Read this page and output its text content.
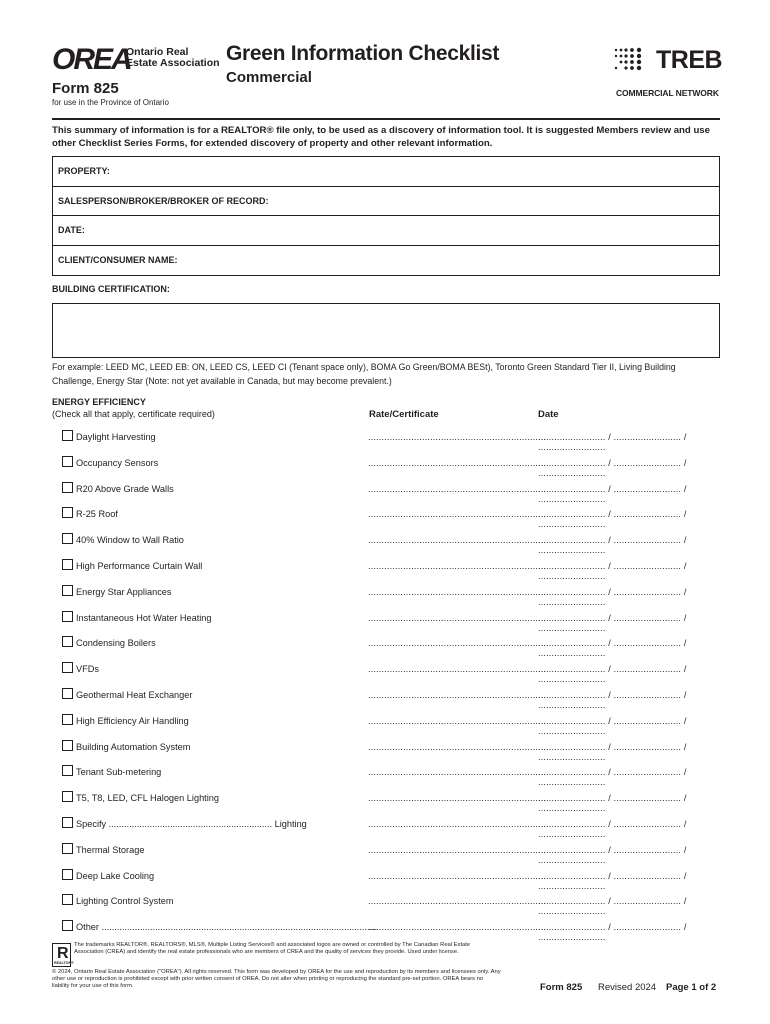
OREA
Ontario Real Estate Association
Form 825
for use in the Province of Ontario
Green Information Checklist
Commercial
TREB
COMMERCIAL NETWORK
This summary of information is for a REALTOR® file only, to be used as a discovery of information tool. It is suggested Members review and use other Checklist Series Forms, for extended discovery of property and other relevant information.
PROPERTY:
SALESPERSON/BROKER/BROKER OF RECORD:
DATE:
CLIENT/CONSUMER NAME:
BUILDING CERTIFICATION:
For example: LEED MC, LEED EB: ON, LEED CS, LEED CI (Tenant space only), BOMA Go Green/BOMA BESt), Toronto Green Standard Tier II, Living Building Challenge, Energy Star (Note: not yet available in Canada, but may become prevalent.)
ENERGY EFFICIENCY
(Check all that apply, certificate required)	Rate/Certificate	Date
Daylight Harvesting	..................................................................
......................... / ......................... / .........................
Occupancy Sensors	..................................................................
......................... / ......................... / .........................
R20 Above Grade Walls	..................................................................
......................... / ......................... / .........................
R-25 Roof	..................................................................
......................... / ......................... / .........................
40% Window to Wall Ratio	..................................................................
......................... / ......................... / .........................
High Performance Curtain Wall	..................................................................
......................... / ......................... / .........................
Energy Star Appliances	..................................................................
......................... / ......................... / .........................
Instantaneous Hot Water Heating	..................................................................
......................... / ......................... / .........................
Condensing Boilers	..................................................................
......................... / ......................... / .........................
VFDs	..................................................................
......................... / ......................... / .........................
Geothermal Heat Exchanger	..................................................................
......................... / ......................... / .........................
High Efficiency Air Handling	..................................................................
......................... / ......................... / .........................
Building Automation System	..................................................................
......................... / ......................... / .........................
Tenant Sub-metering	..................................................................
......................... / ......................... / .........................
T5, T8, LED, CFL Halogen Lighting	..................................................................
......................... / ......................... / .........................
Specify ................................................................ Lighting	..................................................................
......................... / ......................... / .........................
Thermal Storage	..................................................................
......................... / ......................... / .........................
Deep Lake Cooling	..................................................................
......................... / ......................... / .........................
Lighting Control System	..................................................................
......................... / ......................... / .........................
Other ............................................................................................................
..................................................................
......................... / ......................... / .........................
R
REALTOR®
The trademarks REALTOR®, REALTORS®, MLS®, Multiple Listing Services® and associated logos are owned or controlled by The Canadian Real Estate Association (CREA) and identify the real estate professionals who are members of CREA and the quality of services they provide. Used under license.
© 2024, Ontario Real Estate Association ("OREA"). All rights reserved. This form was developed by OREA for the use and reproduction by its members and licensees only. Any other use or reproduction is prohibited except with prior written consent of OREA. Do not alter when printing or reproducing the standard pre-set portion. OREA bears no liability for your use of this form.	Form 825 Revised 2024 Page 1 of 2
